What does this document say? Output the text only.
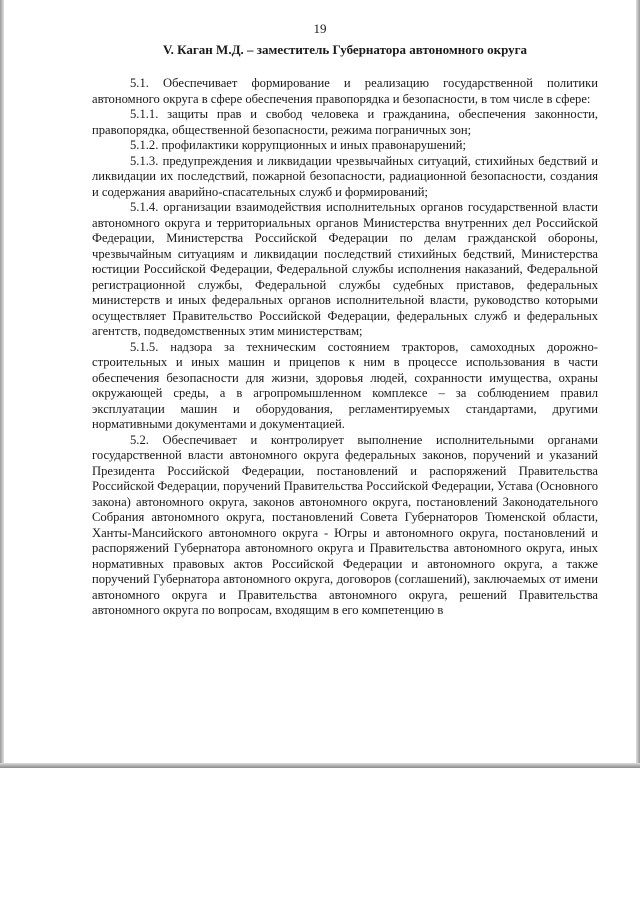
19
V. Каган М.Д. – заместитель Губернатора автономного округа

5.1. Обеспечивает формирование и реализацию государственной политики автономного округа в сфере обеспечения правопорядка и безопасности, в том числе в сфере:

5.1.1. защиты прав и свобод человека и гражданина, обеспечения законности, правопорядка, общественной безопасности, режима пограничных зон;

5.1.2. профилактики коррупционных и иных правонарушений;

5.1.3. предупреждения и ликвидации чрезвычайных ситуаций, стихийных бедствий и ликвидации их последствий, пожарной безопасности, радиационной безопасности, создания и содержания аварийно-спасательных служб и формирований;

5.1.4. организации взаимодействия исполнительных органов государственной власти автономного округа и территориальных органов Министерства внутренних дел Российской Федерации, Министерства Российской Федерации по делам гражданской обороны, чрезвычайным ситуациям и ликвидации последствий стихийных бедствий, Министерства юстиции Российской Федерации, Федеральной службы исполнения наказаний, Федеральной регистрационной службы, Федеральной службы судебных приставов, федеральных министерств и иных федеральных органов исполнительной власти, руководство которыми осуществляет Правительство Российской Федерации, федеральных служб и федеральных агентств, подведомственных этим министерствам;

5.1.5. надзора за техническим состоянием тракторов, самоходных дорожно-строительных и иных машин и прицепов к ним в процессе использования в части обеспечения безопасности для жизни, здоровья людей, сохранности имущества, охраны окружающей среды, а в агропромышленном комплексе – за соблюдением правил эксплуатации машин и оборудования, регламентируемых стандартами, другими нормативными документами и документацией.

5.2. Обеспечивает и контролирует выполнение исполнительными органами государственной власти автономного округа федеральных законов, поручений и указаний Президента Российской Федерации, постановлений и распоряжений Правительства Российской Федерации, поручений Правительства Российской Федерации, Устава (Основного закона) автономного округа, законов автономного округа, постановлений Законодательного Собрания автономного округа, постановлений Совета Губернаторов Тюменской области, Ханты-Мансийского автономного округа - Югры и автономного округа, постановлений и распоряжений Губернатора автономного округа и Правительства автономного округа, иных нормативных правовых актов Российской Федерации и автономного округа, а также поручений Губернатора автономного округа, договоров (соглашений), заключаемых от имени автономного округа и Правительства автономного округа, решений Правительства автономного округа по вопросам, входящим в его компетенцию в
